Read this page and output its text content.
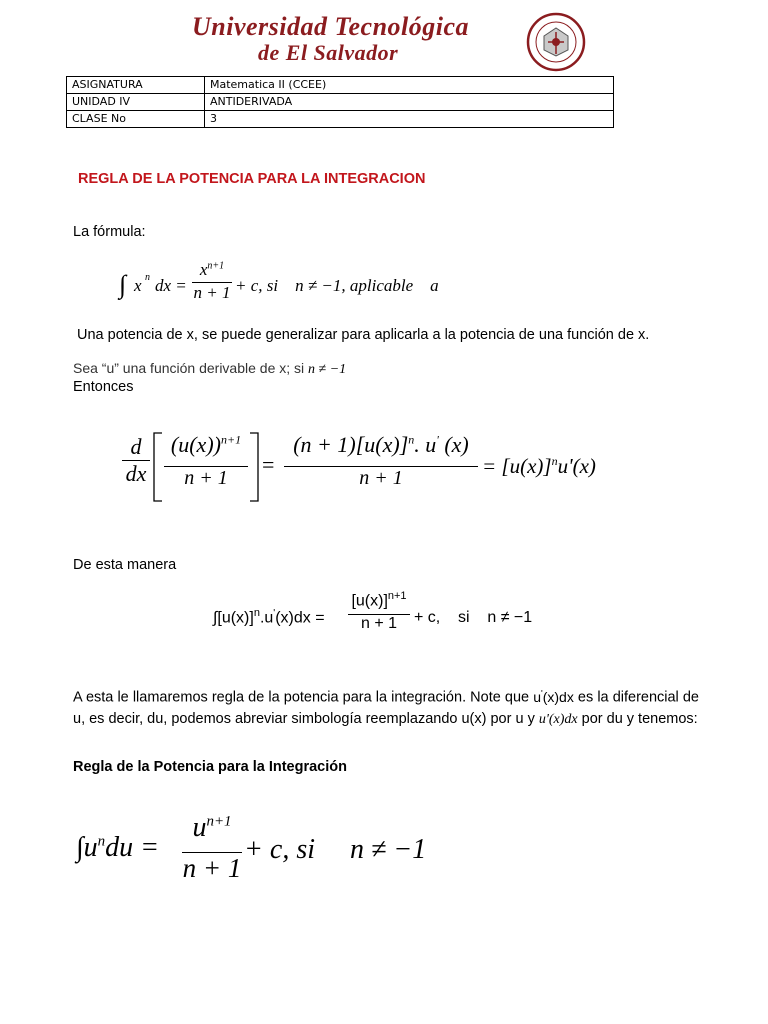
Universidad Tecnológica
de El Salvador
ASIGNATURA	Matematica II (CCEE)
UNIDAD IV	ANTIDERIVADA
CLASE No	3
REGLA DE LA POTENCIA PARA LA INTEGRACION
La fórmula:
∫ x n dx =
$x^{n+1}$
n + 1 + c, si    n ≠ −1, aplicable    a
Una potencia de x, se puede generalizar para aplicarla a la potencia de una función de x.
Sea “u” una función derivable de x; si n ≠ −1
Entonces
d
dx
$(u(x))^{n+1}$
n + 1
=
$(n + 1)[u(x)]^n$. u' (x)
n + 1	= $[u(x)]^nu'(x)$
De esta manera
$\int[u(x)]^n.u'(x)dx$ =
$[u(x)]^{n+1}$
n + 1 + c,    si    n ≠ −1
A esta le llamaremos regla de la potencia para la integración. Note que u'(x)dx es la diferencial de u, es decir, du, podemos abreviar simbología reemplazando u(x) por u y u'(x)dx por du y tenemos:
Regla de la Potencia para la Integración
$\int u^ndu$ =
$u^{n+1}$
n + 1
+ c, si     n ≠ −1
